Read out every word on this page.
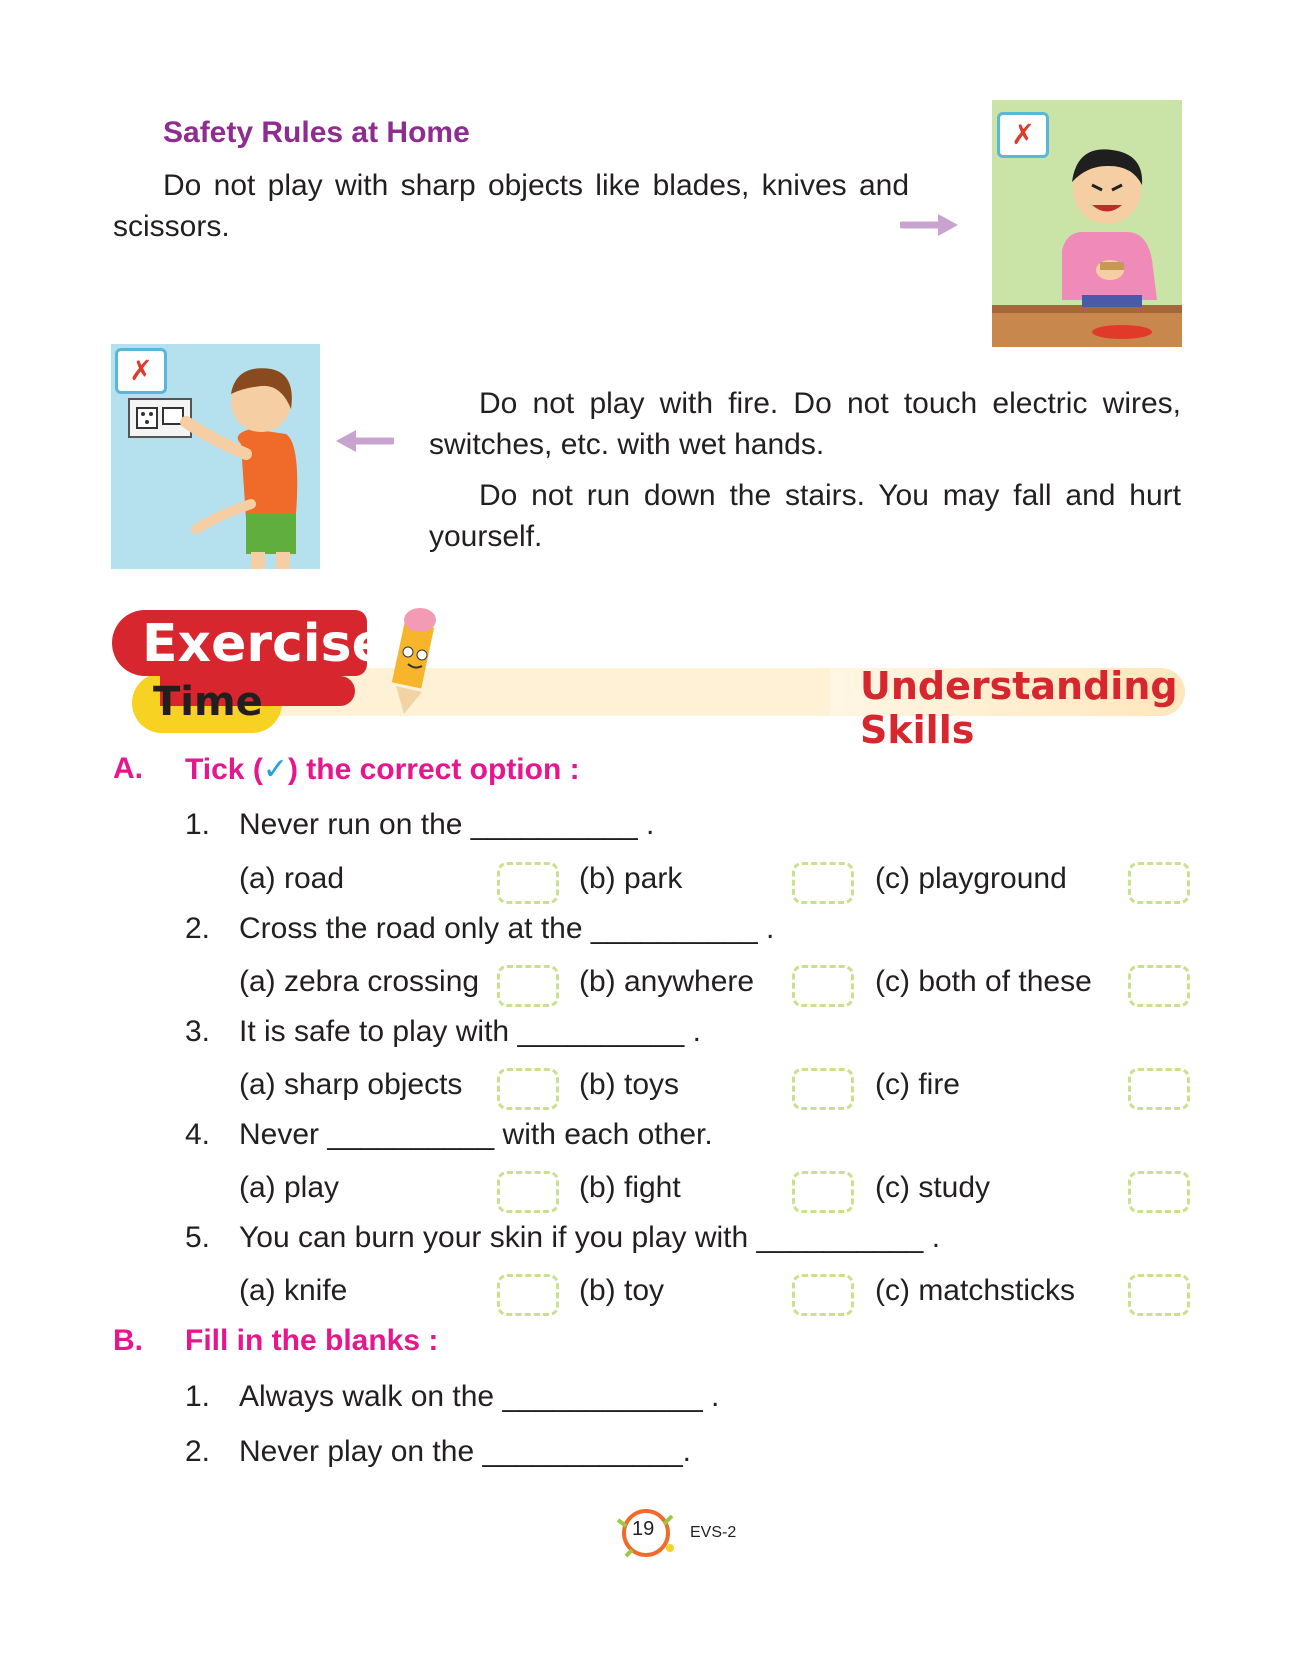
Safety Rules at Home
Do not play with sharp objects like blades, knives and scissors.
✗
✗
Do not play with fire. Do not touch electric wires, switches, etc. with wet hands.
Do not run down the stairs. You may fall and hurt yourself.
Exercise
Time	Understanding Skills
A. Tick (✓) the correct option :
1. Never run on the __________ .
(a) road	(b) park	(c) playground
2. Cross the road only at the __________ .
(a) zebra crossing	(b) anywhere	(c) both of these
3. It is safe to play with __________ .
(a) sharp objects	(b) toys	(c) fire
4. Never __________ with each other.
(a) play	(b) fight	(c) study
5. You can burn your skin if you play with __________ .
(a) knife	(b) toy	(c) matchsticks
B. Fill in the blanks :
1. Always walk on the ____________ .
2. Never play on the ____________.
19 EVS-2
